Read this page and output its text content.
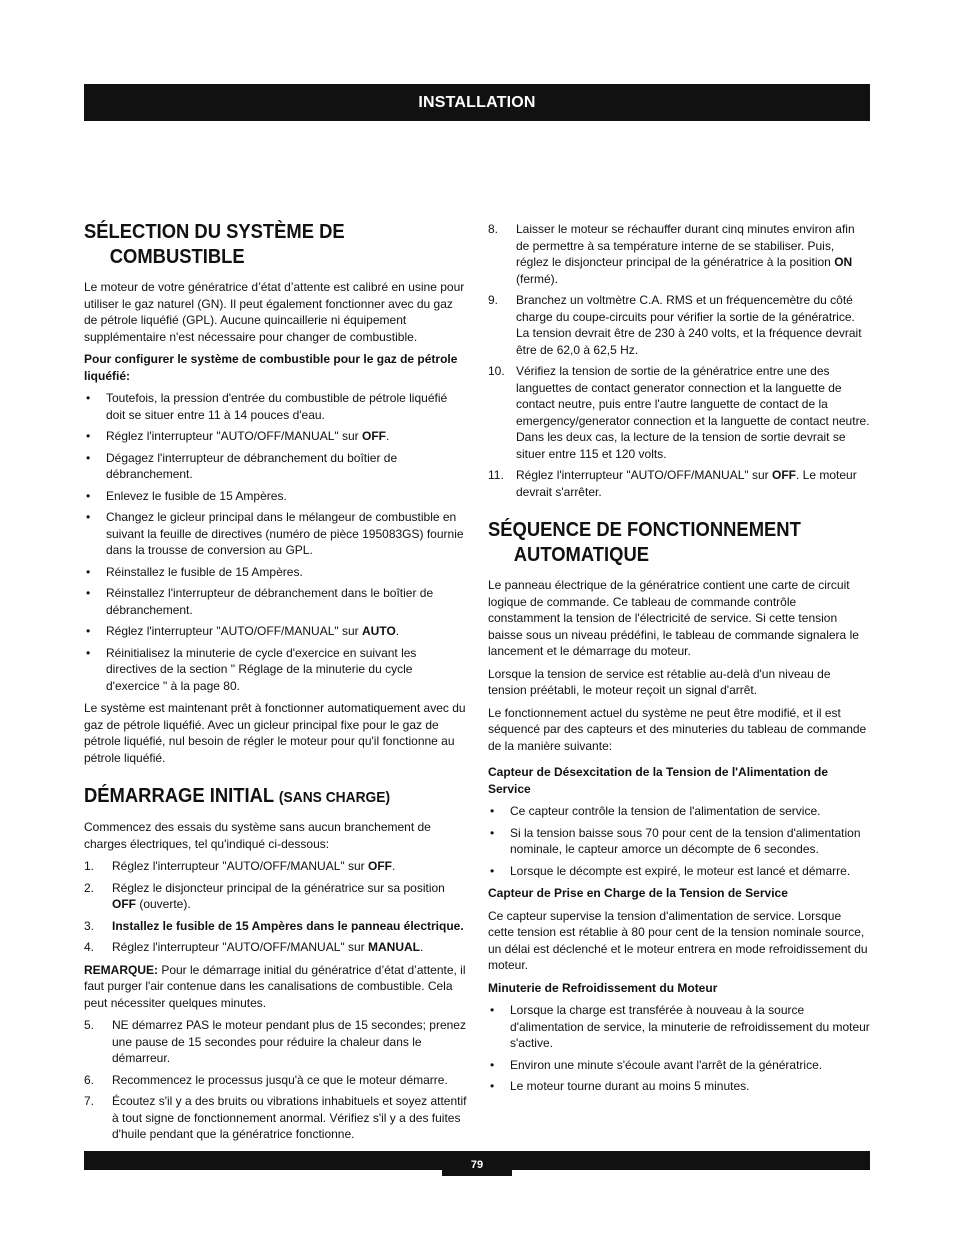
INSTALLATION
SÉLECTION DU SYSTÈME DE
COMBUSTIBLE

Le moteur de votre génératrice d’état d’attente est calibré en usine pour utiliser le gaz naturel (GN). Il peut également fonctionner avec du gaz de pétrole liquéfié (GPL). Aucune quincaillerie ni équipement supplémentaire n'est nécessaire pour changer de combustible.

Pour configurer le système de combustible pour le gaz de pétrole liquéfié:

• Toutefois, la pression d'entrée du combustible de pétrole liquéfié doit se situer entre 11 à 14 pouces d'eau.
• Réglez l'interrupteur "AUTO/OFF/MANUAL" sur OFF.
• Dégagez l'interrupteur de débranchement du boîtier de débranchement.
• Enlevez le fusible de 15 Ampères.
• Changez le gicleur principal dans le mélangeur de combustible en suivant la feuille de directives (numéro de pièce 195083GS) fournie dans la trousse de conversion au GPL.
• Réinstallez le fusible de 15 Ampères.
• Réinstallez l'interrupteur de débranchement dans le boîtier de débranchement.
• Réglez l'interrupteur "AUTO/OFF/MANUAL" sur AUTO.
• Réinitialisez la minuterie de cycle d'exercice en suivant les directives de la section " Réglage de la minuterie du cycle d'exercice " à la page 80.

Le système est maintenant prêt à fonctionner automatiquement avec du gaz de pétrole liquéfié. Avec un gicleur principal fixe pour le gaz de pétrole liquéfié, nul besoin de régler le moteur pour qu'il fonctionne au pétrole liquéfié.

DÉMARRAGE INITIAL (SANS CHARGE)

Commencez des essais du système sans aucun branchement de charges électriques, tel qu'indiqué ci-dessous:

1. Réglez l'interrupteur "AUTO/OFF/MANUAL" sur OFF.
2. Réglez le disjoncteur principal de la génératrice sur sa position OFF (ouverte).
3. Installez le fusible de 15 Ampères dans le panneau électrique.
4. Réglez l'interrupteur "AUTO/OFF/MANUAL" sur MANUAL.

REMARQUE: Pour le démarrage initial du génératrice d’état d’attente, il faut purger l'air contenue dans les canalisations de combustible. Cela peut nécessiter quelques minutes.

5. NE démarrez PAS le moteur pendant plus de 15 secondes; prenez une pause de 15 secondes pour réduire la chaleur dans le démarreur.
6. Recommencez le processus jusqu'à ce que le moteur démarre.
7. Écoutez s'il y a des bruits ou vibrations inhabituels et soyez attentif à tout signe de fonctionnement anormal. Vérifiez s'il y a des fuites d'huile pendant que la génératrice fonctionne.
8. Laisser le moteur se réchauffer durant cinq minutes environ afin de permettre à sa température interne de se stabiliser. Puis, réglez le disjoncteur principal de la génératrice à la position ON (fermé).
9. Branchez un voltmètre C.A. RMS et un fréquencemètre du côté charge du coupe-circuits pour vérifier la sortie de la génératrice. La tension devrait être de 230 à 240 volts, et la fréquence devrait être de 62,0 à 62,5 Hz.
10. Vérifiez la tension de sortie de la génératrice entre une des languettes de contact generator connection et la languette de contact neutre, puis entre l'autre languette de contact de la emergency/generator connection et la languette de contact neutre. Dans les deux cas, la lecture de la tension de sortie devrait se situer entre 115 et 120 volts.
11. Réglez l'interrupteur "AUTO/OFF/MANUAL" sur OFF. Le moteur devrait s'arrêter.
SÉQUENCE DE FONCTIONNEMENT
AUTOMATIQUE

Le panneau électrique de la génératrice contient une carte de circuit logique de commande. Ce tableau de commande contrôle constamment la tension de l'électricité de service. Si cette tension baisse sous un niveau prédéfini, le tableau de commande signalera le lancement et le démarrage du moteur.

Lorsque la tension de service est rétablie au-delà d'un niveau de tension préétabli, le moteur reçoit un signal d'arrêt.

Le fonctionnement actuel du système ne peut être modifié, et il est séquencé par des capteurs et des minuteries du tableau de commande de la manière suivante:

Capteur de Désexcitation de la Tension de l'Alimentation de Service

• Ce capteur contrôle la tension de l'alimentation de service.
• Si la tension baisse sous 70 pour cent de la tension d'alimentation nominale, le capteur amorce un décompte de 6 secondes.
• Lorsque le décompte est expiré, le moteur est lancé et démarre.

Capteur de Prise en Charge de la Tension de Service

Ce capteur supervise la tension d'alimentation de service. Lorsque cette tension est rétablie à 80 pour cent de la tension nominale source, un délai est déclenché et le moteur entrera en mode refroidissement du moteur.

Minuterie de Refroidissement du Moteur

• Lorsque la charge est transférée à nouveau à la source d'alimentation de service, la minuterie de refroidissement du moteur s'active.
• Environ une minute s'écoule avant l'arrêt de la génératrice.
• Le moteur tourne durant au moins 5 minutes.
79
